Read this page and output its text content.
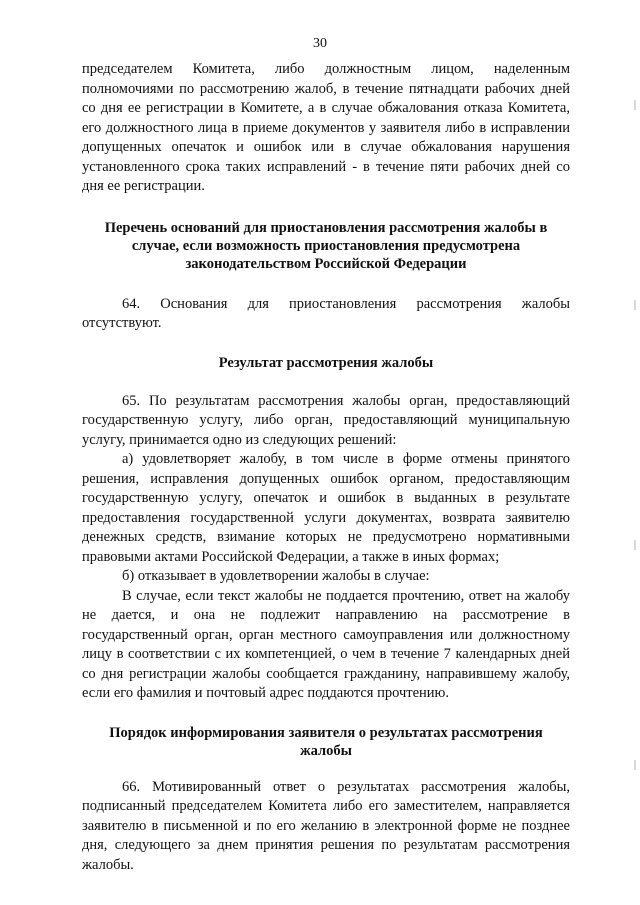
30

председателем Комитета, либо должностным лицом, наделенным полномочиями по рассмотрению жалоб, в течение пятнадцати рабочих дней со дня ее регистрации в Комитете, а в случае обжалования отказа Комитета, его должностного лица в приеме документов у заявителя либо в исправлении допущенных опечаток и ошибок или в случае обжалования нарушения установленного срока таких исправлений - в течение пяти рабочих дней со дня ее регистрации.

Перечень оснований для приостановления рассмотрения жалобы в случае, если возможность приостановления предусмотрена законодательством Российской Федерации

64. Основания для приостановления рассмотрения жалобы отсутствуют.

Результат рассмотрения жалобы

65. По результатам рассмотрения жалобы орган, предоставляющий государственную услугу, либо орган, предоставляющий муниципальную услугу, принимается одно из следующих решений:

а) удовлетворяет жалобу, в том числе в форме отмены принятого решения, исправления допущенных ошибок органом, предоставляющим государственную услугу, опечаток и ошибок в выданных в результате предоставления государственной услуги документах, возврата заявителю денежных средств, взимание которых не предусмотрено нормативными правовыми актами Российской Федерации, а также в иных формах;

б) отказывает в удовлетворении жалобы в случае:

В случае, если текст жалобы не поддается прочтению, ответ на жалобу не дается, и она не подлежит направлению на рассмотрение в государственный орган, орган местного самоуправления или должностному лицу в соответствии с их компетенцией, о чем в течение 7 календарных дней со дня регистрации жалобы сообщается гражданину, направившему жалобу, если его фамилия и почтовый адрес поддаются прочтению.

Порядок информирования заявителя о результатах рассмотрения жалобы

66. Мотивированный ответ о результатах рассмотрения жалобы, подписанный председателем Комитета либо его заместителем, направляется заявителю в письменной и по его желанию в электронной форме не позднее дня, следующего за днем принятия решения по результатам рассмотрения жалобы.
